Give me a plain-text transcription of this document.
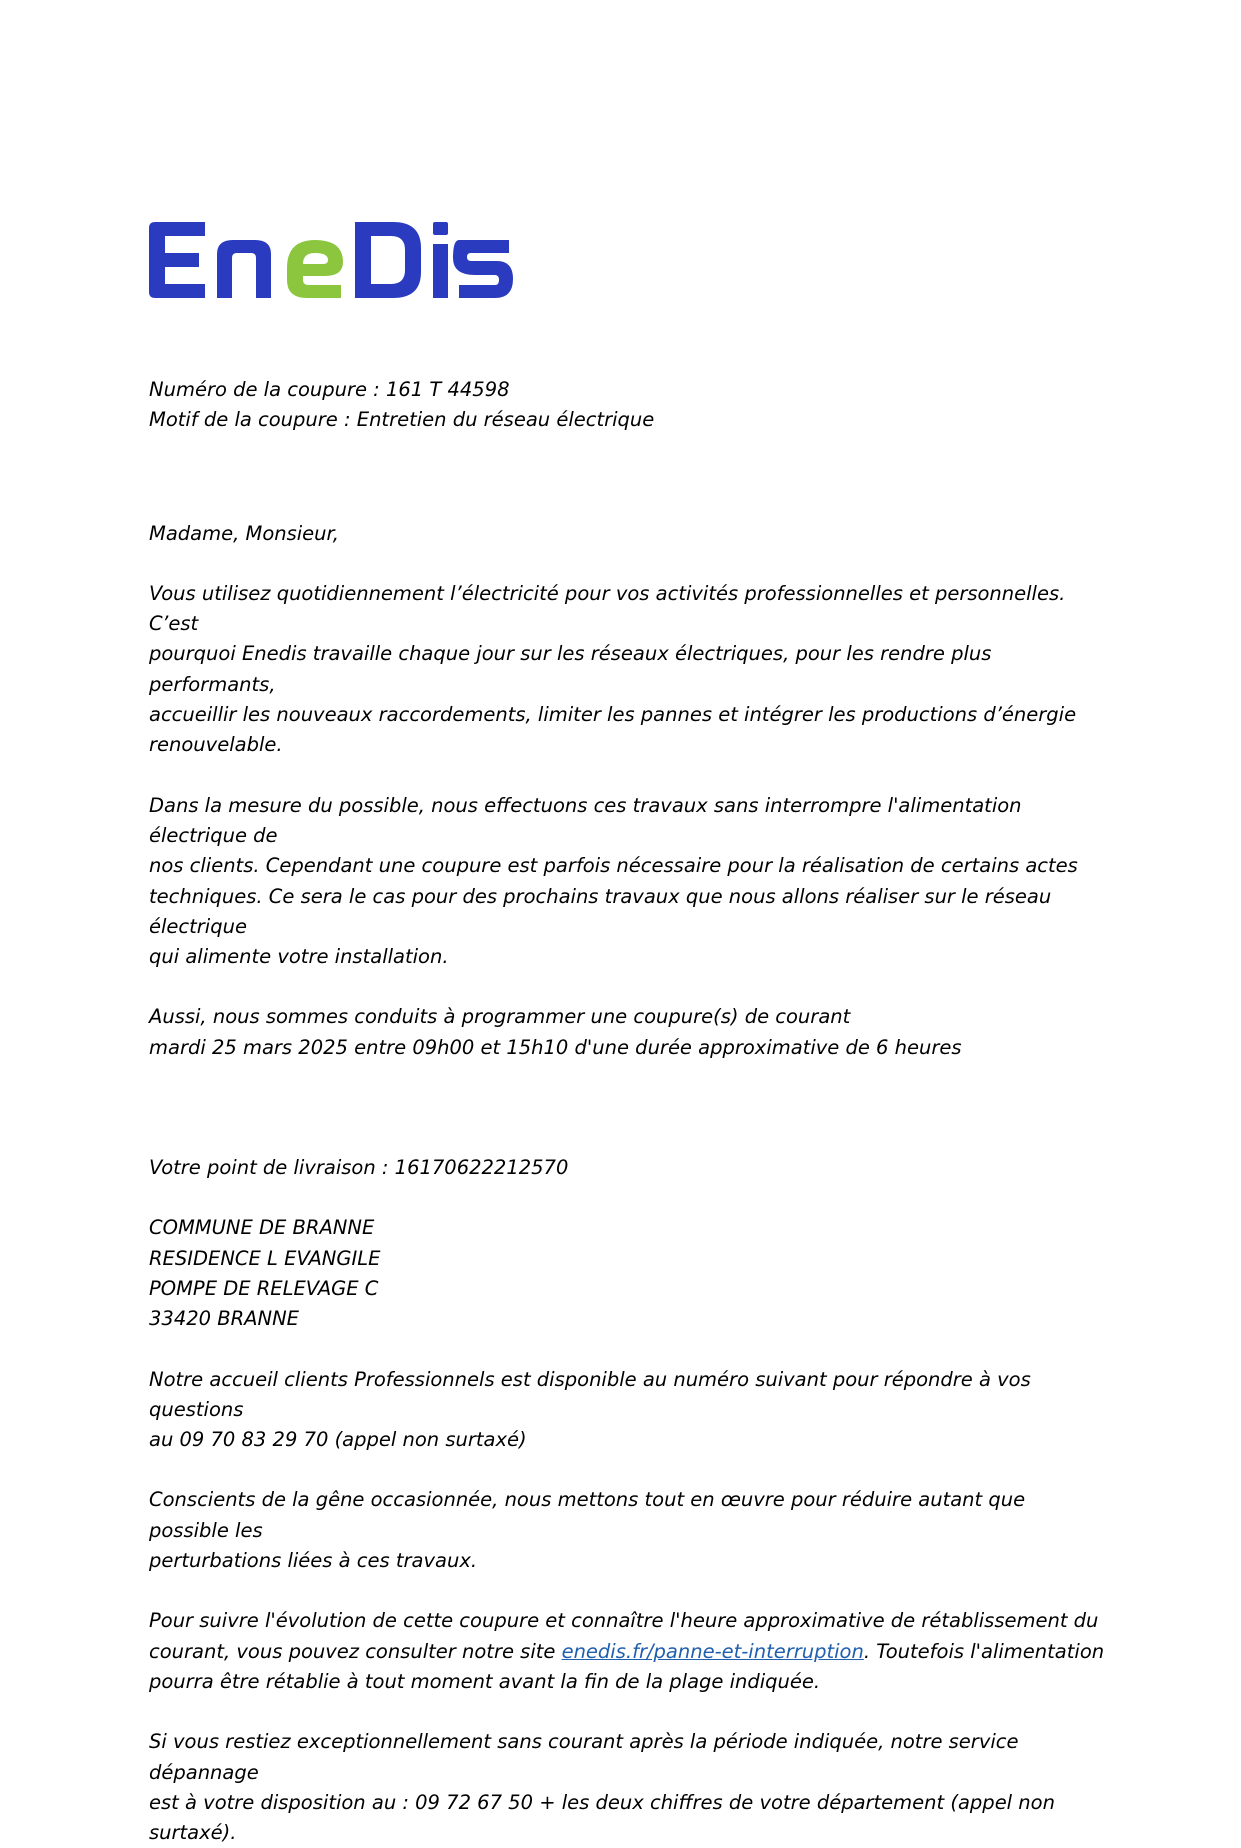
Numéro de la coupure : 161 T 44598

Motif de la coupure : Entretien du réseau électrique

Madame, Monsieur,

Vous utilisez quotidiennement l’électricité pour vos activités professionnelles et personnelles. C’est

pourquoi Enedis travaille chaque jour sur les réseaux électriques, pour les rendre plus performants,

accueillir les nouveaux raccordements, limiter les pannes et intégrer les productions d’énergie

renouvelable.

Dans la mesure du possible, nous effectuons ces travaux sans interrompre l'alimentation électrique de

nos clients. Cependant une coupure est parfois nécessaire pour la réalisation de certains actes

techniques. Ce sera le cas pour des prochains travaux que nous allons réaliser sur le réseau électrique

qui alimente votre installation.

Aussi, nous sommes conduits à programmer une coupure(s) de courant

mardi 25 mars 2025 entre 09h00 et 15h10 d'une durée approximative de 6 heures

Votre point de livraison : 16170622212570

COMMUNE DE BRANNE

RESIDENCE L EVANGILE

POMPE DE RELEVAGE C

33420 BRANNE

Notre accueil clients Professionnels est disponible au numéro suivant pour répondre à vos questions

au 09 70 83 29 70 (appel non surtaxé)

Conscients de la gêne occasionnée, nous mettons tout en œuvre pour réduire autant que possible les

perturbations liées à ces travaux.

Pour suivre l'évolution de cette coupure et connaître l'heure approximative de rétablissement du

courant, vous pouvez consulter notre site enedis.fr/panne-et-interruption. Toutefois l'alimentation

pourra être rétablie à tout moment avant la fin de la plage indiquée.

Si vous restiez exceptionnellement sans courant après la période indiquée, notre service dépannage

est à votre disposition au : 09 72 67 50 + les deux chiffres de votre département (appel non surtaxé).
